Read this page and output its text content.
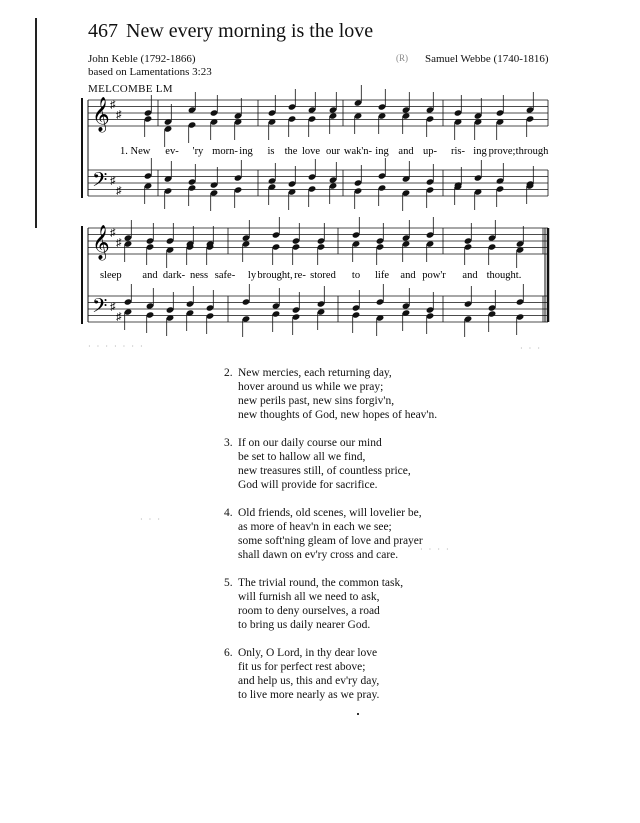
467 New every morning is the love
John Keble (1792-1866)
based on Lamentations 3:23
(R) Samuel Webbe (1740-1816)
MELCOMBE LM
𝄞
𝄢
♯
♯
♯
♯
𝄞
𝄢
♯
♯
♯
♯
1. New ev- 'ry morn- ing is the love our wak'n- ing and up- ris- ing prove; through
sleep and dark- ness safe- ly brought, re- stored to life and pow'r and thought.
2. New mercies, each returning day,
hover around us while we pray;
new perils past, new sins forgiv'n,
new thoughts of God, new hopes of heav'n.
3. If on our daily course our mind
be set to hallow all we find,
new treasures still, of countless price,
God will provide for sacrifice.
4. Old friends, old scenes, will lovelier be,
as more of heav'n in each we see;
some soft'ning gleam of love and prayer
shall dawn on ev'ry cross and care.
5. The trivial round, the common task,
will furnish all we need to ask,
room to deny ourselves, a road
to bring us daily nearer God.
6. Only, O Lord, in thy dear love
fit us for perfect rest above;
and help us, this and ev'ry day,
to live more nearly as we pray.
· · · · · · ·	· · ·
· · ·
· · · ·
